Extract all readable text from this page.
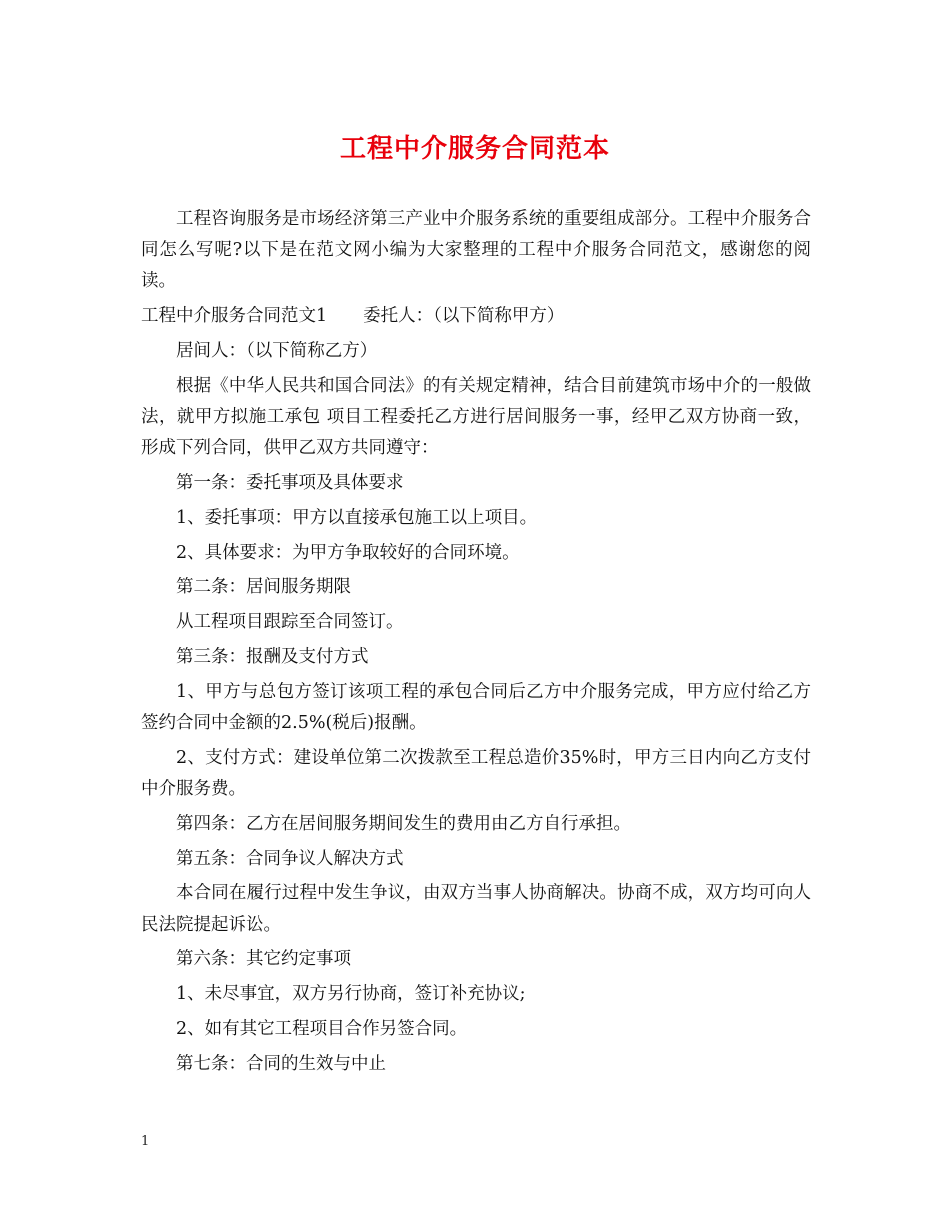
工程中介服务合同范本

工程咨询服务是市场经济第三产业中介服务系统的重要组成部分。工程中介服务合同怎么写呢?以下是在范文网小编为大家整理的工程中介服务合同范文，感谢您的阅读。

工程中介服务合同范文1 委托人：（以下简称甲方）

居间人：（以下简称乙方）

根据《中华人民共和国合同法》的有关规定精神，结合目前建筑市场中介的一般做法，就甲方拟施工承包 项目工程委托乙方进行居间服务一事，经甲乙双方协商一致，形成下列合同，供甲乙双方共同遵守：

第一条：委托事项及具体要求

1、委托事项：甲方以直接承包施工以上项目。

2、具体要求：为甲方争取较好的合同环境。

第二条：居间服务期限

从工程项目跟踪至合同签订。

第三条：报酬及支付方式

1、甲方与总包方签订该项工程的承包合同后乙方中介服务完成，甲方应付给乙方签约合同中金额的2.5%(税后)报酬。

2、支付方式：建设单位第二次拨款至工程总造价35%时，甲方三日内向乙方支付中介服务费。

第四条：乙方在居间服务期间发生的费用由乙方自行承担。

第五条：合同争议人解决方式

本合同在履行过程中发生争议，由双方当事人协商解决。协商不成，双方均可向人民法院提起诉讼。

第六条：其它约定事项

1、未尽事宜，双方另行协商，签订补充协议;

2、如有其它工程项目合作另签合同。

第七条：合同的生效与中止

1
